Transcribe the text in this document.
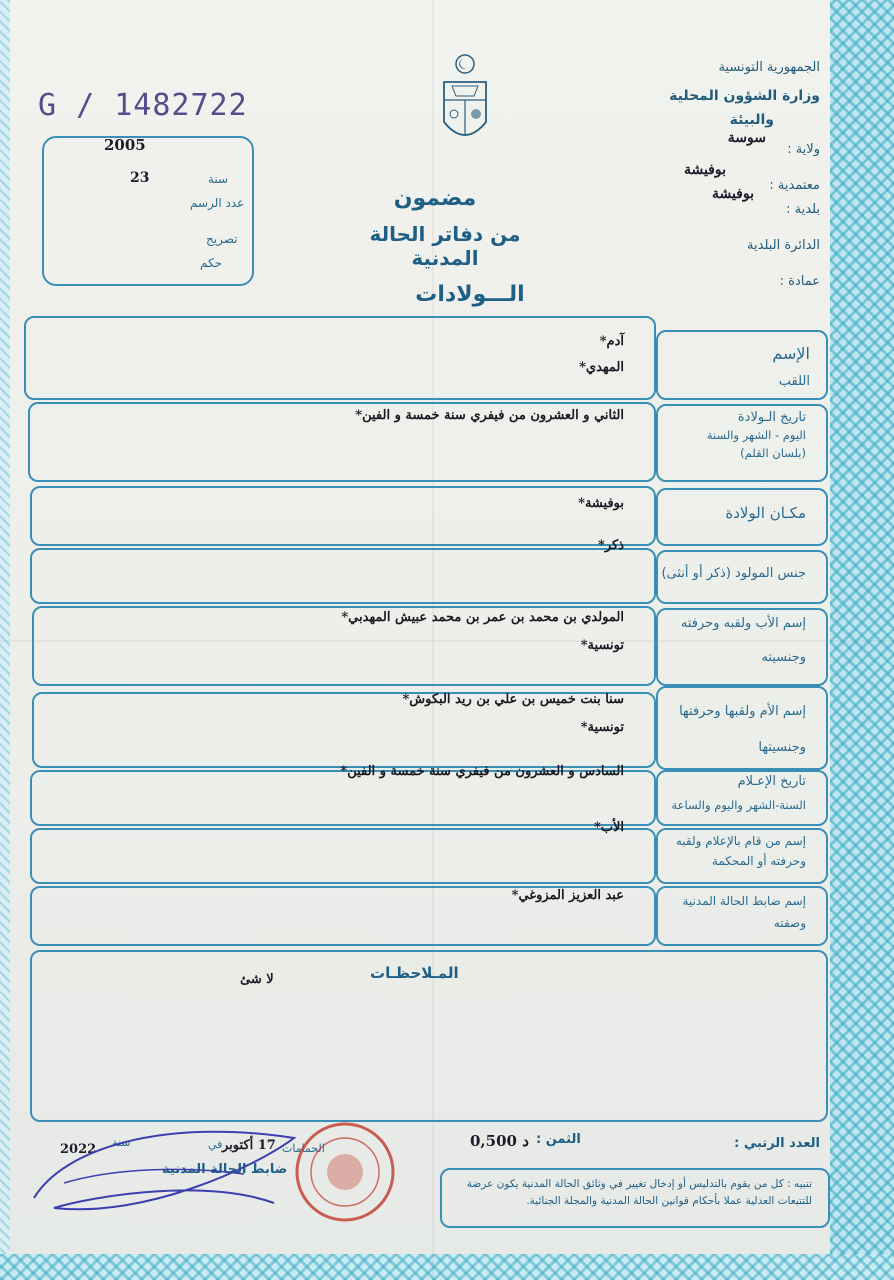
G / 1482722
2005
23	سنة
عدد الرسم
تصريح
حكم
الجمهورية التونسية
وزارة الشؤون المحلية
والبيئة
ولاية :
سوسة
بوفيشة
معتمدية :
بوفيشة
بلدية :
الدائرة البلدية
عمادة :
مضمون
من دفاتر الحالة المدنية
الـــولادات
الإسم
اللقب
آدم*
المهدي*
تاريخ الـولادة
اليوم - الشهر والسنة
(بلسان القلم)
الثاني و العشرون من فيفري سنة خمسة و الفين*
مكـان الولادة
بوفيشة*
جنس المولود (ذكر أو أنثى)
ذكر*
إسم الأب ولقبه وحرفته
وجنسيته
المولدي بن محمد بن عمر بن محمد عبيش المهدبي*
تونسية*
إسم الأم ولقبها وحرفتها
وجنسيتها
سنا بنت خميس بن علي بن ريد البكوش*
تونسية*
تاريخ الإعـلام
السنة-الشهر واليوم والساعة
السادس و العشرون من فيفري سنة خمسة و الفين*
إسم من قام بالإعلام ولقبه
وحرفته أو المحكمة
الأب*
إسم ضابط الحالة المدنية
وصفته
عبد العزيز المزوغي*
المـلاحظـات
لا شئ
العدد الرتبي :
الثمن :
0,500 د
17 أكتوبر
في	الحمامات
سنة
2022
ضابط الحالة المدنية
تنبيه : كل من يقوم بالتدليس أو إدخال تغيير في وثائق الحالة المدنية يكون عرضة للتتبعات العدلية عملا بأحكام قوانين الحالة المدنية والمجلة الجنائية.
